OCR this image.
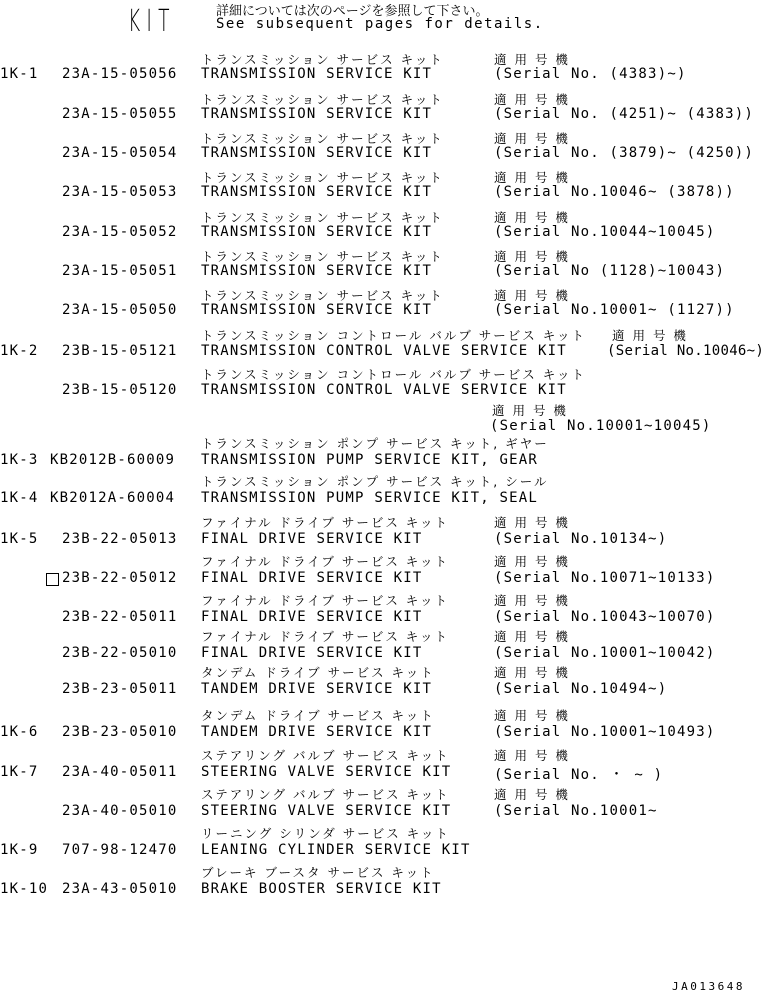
KIT	詳細については次のページを参照して下さい。
See subsequent pages for details.
トランスミッション サービス キット	適 用 号 機
1K-1 23A-15-05056 TRANSMISSION SERVICE KIT	(Serial No. (4383)~)
トランスミッション サービス キット	適 用 号 機
23A-15-05055 TRANSMISSION SERVICE KIT	(Serial No. (4251)~ (4383))
トランスミッション サービス キット	適 用 号 機
23A-15-05054 TRANSMISSION SERVICE KIT	(Serial No. (3879)~ (4250))
トランスミッション サービス キット	適 用 号 機
23A-15-05053 TRANSMISSION SERVICE KIT	(Serial No.10046~ (3878))
トランスミッション サービス キット	適 用 号 機
23A-15-05052 TRANSMISSION SERVICE KIT	(Serial No.10044~10045)
トランスミッション サービス キット	適 用 号 機
23A-15-05051 TRANSMISSION SERVICE KIT	(Serial No (1128)~10043)
トランスミッション サービス キット	適 用 号 機
23A-15-05050 TRANSMISSION SERVICE KIT	(Serial No.10001~ (1127))
トランスミッション コントロール バルブ サービス キット 適 用 号 機
1K-2 23B-15-05121 TRANSMISSION CONTROL VALVE SERVICE KIT	(Serial No.10046~)
トランスミッション コントロール バルブ サービス キット
23B-15-05120 TRANSMISSION CONTROL VALVE SERVICE KIT
適 用 号 機
(Serial No.10001~10045)
トランスミッション ポンプ サービス キット, ギヤー
1K-3 KB2012B-60009 TRANSMISSION PUMP SERVICE KIT, GEAR
トランスミッション ポンプ サービス キット, シール
1K-4 KB2012A-60004 TRANSMISSION PUMP SERVICE KIT, SEAL
ファイナル ドライブ サービス キット	適 用 号 機
1K-5 23B-22-05013 FINAL DRIVE SERVICE KIT	(Serial No.10134~)
ファイナル ドライブ サービス キット	適 用 号 機
23B-22-05012 FINAL DRIVE SERVICE KIT	(Serial No.10071~10133)
ファイナル ドライブ サービス キット	適 用 号 機
23B-22-05011 FINAL DRIVE SERVICE KIT	(Serial No.10043~10070)
ファイナル ドライブ サービス キット	適 用 号 機
23B-22-05010 FINAL DRIVE SERVICE KIT	(Serial No.10001~10042)
タンデム ドライブ サービス キット	適 用 号 機
23B-23-05011 TANDEM DRIVE SERVICE KIT	(Serial No.10494~)
タンデム ドライブ サービス キット	適 用 号 機
1K-6 23B-23-05010 TANDEM DRIVE SERVICE KIT	(Serial No.10001~10493)
ステアリング バルブ サービス キット	適 用 号 機
1K-7 23A-40-05011 STEERING VALVE SERVICE KIT	(Serial No. ・ ~ )
ステアリング バルブ サービス キット	適 用 号 機
23A-40-05010 STEERING VALVE SERVICE KIT	(Serial No.10001~
リーニング シリンダ サービス キット
1K-9 707-98-12470 LEANING CYLINDER SERVICE KIT
ブレーキ ブースタ サービス キット
1K-10 23A-43-05010 BRAKE BOOSTER SERVICE KIT
JA013648
